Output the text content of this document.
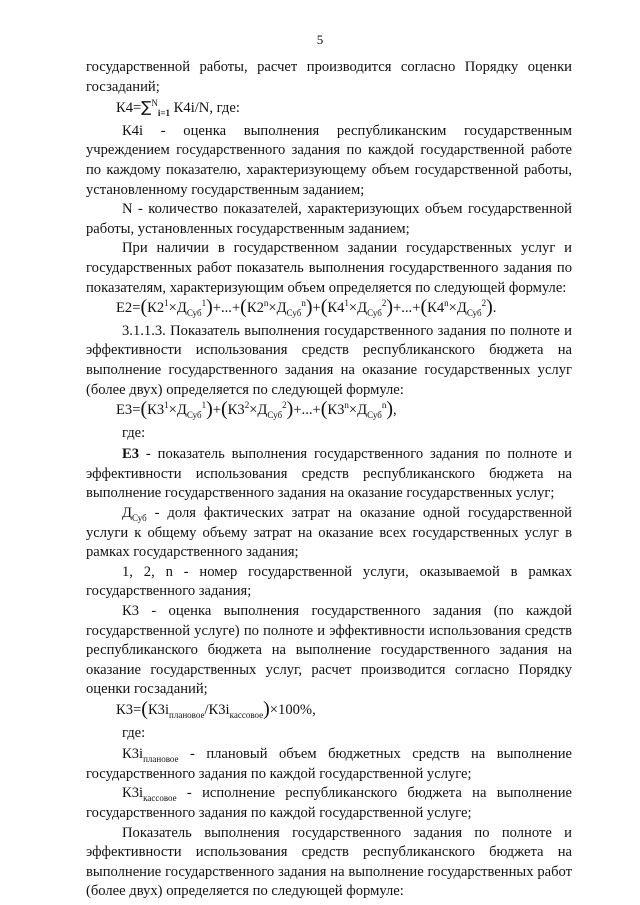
5

государственной работы, расчет производится согласно Порядку оценки госзаданий;

К4=∑$^N_{i=1}$ К4i/N, где:

К4i - оценка выполнения республиканским государственным учреждением государственного задания по каждой государственной работе по каждому показателю, характеризующему объем государственной работы, установленному государственным заданием;

N - количество показателей, характеризующих объем государственной работы, установленных государственным заданием;

При наличии в государственном задании государственных услуг и государственных работ показатель выполнения государственного задания по показателям, характеризующим объем определяется по следующей формуле:

$Е2=(К2^1\times Д_{Суб}^1)+...+(К2^n\times Д_{Суб}^n)+(К4^1\times Д_{Суб}^2)+...+(К4^n\times Д_{Суб}^2)$.

3.1.1.3. Показатель выполнения государственного задания по полноте и эффективности использования средств республиканского бюджета на выполнение государственного задания на оказание государственных услуг (более двух) определяется по следующей формуле:

$Е3=(К3^1\times Д_{Суб}^1)+(К3^2\times Д_{Суб}^2)+...+(К3^n\times Д_{Суб}^n)$,
где:

Е3 - показатель выполнения государственного задания по полноте и эффективности использования средств республиканского бюджета на выполнение государственного задания на оказание государственных услуг;

$Д_{Суб}$ - доля фактических затрат на оказание одной государственной услуги к общему объему затрат на оказание всех государственных услуг в рамках государственного задания;

1, 2, n - номер государственной услуги, оказываемой в рамках государственного задания;

К3 - оценка выполнения государственного задания (по каждой государственной услуге) по полноте и эффективности использования средств республиканского бюджета на выполнение государственного задания на оказание государственных услуг, расчет производится согласно Порядку оценки госзаданий;

$К3=(К3i_{плановое}/К3i_{кассовое})\times 100\%$,
где:

$К3i_{плановое}$ - плановый объем бюджетных средств на выполнение государственного задания по каждой государственной услуге;

$К3i_{кассовое}$ - исполнение республиканского бюджета на выполнение государственного задания по каждой государственной услуге;

Показатель выполнения государственного задания по полноте и эффективности использования средств республиканского бюджета на выполнение государственного задания на выполнение государственных работ (более двух) определяется по следующей формуле:
